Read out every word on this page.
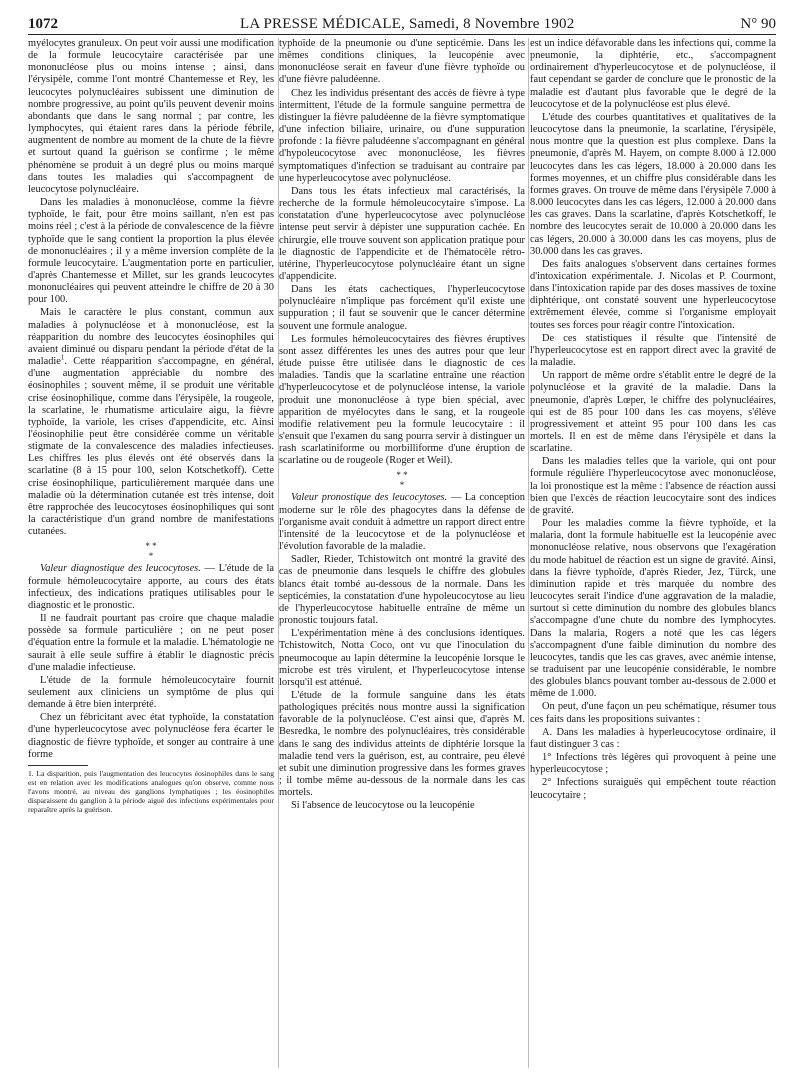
1072	LA PRESSE MÉDICALE, Samedi, 8 Novembre 1902	N° 90

myélocytes granuleux. On peut voir aussi une modification de la formule leucocytaire caractérisée par une mononucléose plus ou moins intense ; ainsi, dans l'érysipèle, comme l'ont montré Chantemesse et Rey, les leucocytes polynucléaires subissent une diminution de nombre progressive, au point qu'ils peuvent devenir moins abondants que dans le sang normal ; par contre, les lymphocytes, qui étaient rares dans la période fébrile, augmentent de nombre au moment de la chute de la fièvre et surtout quand la guérison se confirme ; le même phénomène se produit à un degré plus ou moins marqué dans toutes les maladies qui s'accompagnent de leucocytose polynucléaire.

Dans les maladies à mononucléose, comme la fièvre typhoïde, le fait, pour être moins saillant, n'en est pas moins réel ; c'est à la période de convalescence de la fièvre typhoïde que le sang contient la proportion la plus élevée de mononucléaires ; il y a même inversion complète de la formule leucocytaire. L'augmentation porte en particulier, d'après Chantemesse et Millet, sur les grands leucocytes mononucléaires qui peuvent atteindre le chiffre de 20 à 30 pour 100.

Mais le caractère le plus constant, commun aux maladies à polynucléose et à mononucléose, est la réapparition du nombre des leucocytes éosinophiles qui avaient diminué ou disparu pendant la période d'état de la maladie$^1$. Cette réapparition s'accompagne, en général, d'une augmentation appréciable du nombre des éosinophiles ; souvent même, il se produit une véritable crise éosinophilique, comme dans l'érysipèle, la rougeole, la scarlatine, le rhumatisme articulaire aigu, la fièvre typhoïde, la variole, les crises d'appendicite, etc. Ainsi l'éosinophilie peut être considérée comme un véritable stigmate de la convalescence des maladies infectieuses. Les chiffres les plus élevés ont été observés dans la scarlatine (8 à 15 pour 100, selon Kotschetkoff). Cette crise éosinophilique, particulièrement marquée dans une maladie où la détermination cutanée est très intense, doit être rapprochée des leucocytoses éosinophiliques qui sont la caractéristique d'un grand nombre de manifestations cutanées.

* *
*

Valeur diagnostique des leucocytoses. — L'étude de la formule hémoleucocytaire apporte, au cours des états infectieux, des indications pratiques utilisables pour le diagnostic et le pronostic.

Il ne faudrait pourtant pas croire que chaque maladie possède sa formule particulière ; on ne peut poser d'équation entre la formule et la maladie. L'hématologie ne saurait à elle seule suffire à établir le diagnostic précis d'une maladie infectieuse.

L'étude de la formule hémoleucocytaire fournit seulement aux cliniciens un symptôme de plus qui demande à être bien interprété.

Chez un fébricitant avec état typhoïde, la constatation d'une hyperleucocytose avec polynucléose fera écarter le diagnostic de fièvre typhoïde, et songer au contraire à une forme

1. La disparition, puis l'augmentation des leucocytes éosinophiles dans le sang est en relation avec les modifications analogues qu'on observe, comme nous l'avons montré, au niveau des ganglions lymphatiques ; les éosinophiles disparaissent du ganglion à la période aiguë des infections expérimentales pour reparaître après la guérison.

typhoïde de la pneumonie ou d'une septicémie. Dans les mêmes conditions cliniques, la leucopénie avec mononucléose serait en faveur d'une fièvre typhoïde ou d'une fièvre paludéenne.

Chez les individus présentant des accès de fièvre à type intermittent, l'étude de la formule sanguine permettra de distinguer la fièvre paludéenne de la fièvre symptomatique d'une infection biliaire, urinaire, ou d'une suppuration profonde : la fièvre paludéenne s'accompagnant en général d'hypoleucocytose avec mononucléose, les fièvres symptomatiques d'infection se traduisant au contraire par une hyperleucocytose avec polynucléose.

Dans tous les états infectieux mal caractérisés, la recherche de la formule hémoleucocytaire s'impose. La constatation d'une hyperleucocytose avec polynucléose intense peut servir à dépister une suppuration cachée. En chirurgie, elle trouve souvent son application pratique pour le diagnostic de l'appendicite et de l'hématocèle rétro-utérine, l'hyperleucocytose polynucléaire étant un signe d'appendicite.

Dans les états cachectiques, l'hyperleucocytose polynucléaire n'implique pas forcément qu'il existe une suppuration ; il faut se souvenir que le cancer détermine souvent une formule analogue.

Les formules hémoleucocytaires des fièvres éruptives sont assez différentes les unes des autres pour que leur étude puisse être utilisée dans le diagnostic de ces maladies. Tandis que la scarlatine entraîne une réaction d'hyperleucocytose et de polynucléose intense, la variole produit une mononucléose à type bien spécial, avec apparition de myélocytes dans le sang, et la rougeole modifie relativement peu la formule leucocytaire : il s'ensuit que l'examen du sang pourra servir à distinguer un rash scarlatiniforme ou morbilliforme d'une éruption de scarlatine ou de rougeole (Roger et Weil).

* *
*

Valeur pronostique des leucocytoses. — La conception moderne sur le rôle des phagocytes dans la défense de l'organisme avait conduit à admettre un rapport direct entre l'intensité de la leucocytose et de la polynucléose et l'évolution favorable de la maladie.

Sadler, Rieder, Tchistowitch ont montré la gravité des cas de pneumonie dans lesquels le chiffre des globules blancs était tombé au-dessous de la normale. Dans les septicémies, la constatation d'une hypoleucocytose au lieu de l'hyperleucocytose habituelle entraîne de même un pronostic toujours fatal.

L'expérimentation mène à des conclusions identiques. Tchistowitch, Notta Coco, ont vu que l'inoculation du pneumocoque au lapin détermine la leucopénie lorsque le microbe est très virulent, et l'hyperleucocytose intense lorsqu'il est atténué.

L'étude de la formule sanguine dans les états pathologiques précités nous montre aussi la signification favorable de la polynucléose. C'est ainsi que, d'après M. Besredka, le nombre des polynucléaires, très considérable dans le sang des individus atteints de diphtérie lorsque la maladie tend vers la guérison, est, au contraire, peu élevé et subit une diminution progressive dans les formes graves ; il tombe même au-dessous de la normale dans les cas mortels.

Si l'absence de leucocytose ou la leucopénie

est un indice défavorable dans les infections qui, comme la pneumonie, la diphtérie, etc., s'accompagnent ordinairement d'hyperleucocytose et de polynucléose, il faut cependant se garder de conclure que le pronostic de la maladie est d'autant plus favorable que le degré de la leucocytose et de la polynucléose est plus élevé.

L'étude des courbes quantitatives et qualitatives de la leucocytose dans la pneumonie, la scarlatine, l'érysipèle, nous montre que la question est plus complexe. Dans la pneumonie, d'après M. Hayem, on compte 8.000 à 12.000 leucocytes dans les cas légers, 18.000 à 20.000 dans les formes moyennes, et un chiffre plus considérable dans les formes graves. On trouve de même dans l'érysipèle 7.000 à 8.000 leucocytes dans les cas légers, 12.000 à 20.000 dans les cas graves. Dans la scarlatine, d'après Kotschetkoff, le nombre des leucocytes serait de 10.000 à 20.000 dans les cas légers, 20.000 à 30.000 dans les cas moyens, plus de 30.000 dans les cas graves.

Des faits analogues s'observent dans certaines formes d'intoxication expérimentale. J. Nicolas et P. Courmont, dans l'intoxication rapide par des doses massives de toxine diphtérique, ont constaté souvent une hyperleucocytose extrêmement élevée, comme si l'organisme employait toutes ses forces pour réagir contre l'intoxication.

De ces statistiques il résulte que l'intensité de l'hyperleucocytose est en rapport direct avec la gravité de la maladie.

Un rapport de même ordre s'établit entre le degré de la polynucléose et la gravité de la maladie. Dans la pneumonie, d'après Lœper, le chiffre des polynucléaires, qui est de 85 pour 100 dans les cas moyens, s'élève progressivement et atteint 95 pour 100 dans les cas mortels. Il en est de même dans l'érysipèle et dans la scarlatine.

Dans les maladies telles que la variole, qui ont pour formule régulière l'hyperleucocytose avec mononucléose, la loi pronostique est la même : l'absence de réaction aussi bien que l'excès de réaction leucocytaire sont des indices de gravité.

Pour les maladies comme la fièvre typhoïde, et la malaria, dont la formule habituelle est la leucopénie avec mononucléose relative, nous observons que l'exagération du mode habituel de réaction est un signe de gravité. Ainsi, dans la fièvre typhoïde, d'après Rieder, Jez, Türck, une diminution rapide et très marquée du nombre des leucocytes serait l'indice d'une aggravation de la maladie, surtout si cette diminution du nombre des globules blancs s'accompagne d'une chute du nombre des lymphocytes. Dans la malaria, Rogers a noté que les cas légers s'accompagnent d'une faible diminution du nombre des leucocytes, tandis que les cas graves, avec anémie intense, se traduisent par une leucopénie considérable, le nombre des globules blancs pouvant tomber au-dessous de 2.000 et même de 1.000.

On peut, d'une façon un peu schématique, résumer tous ces faits dans les propositions suivantes :

A. Dans les maladies à hyperleucocytose ordinaire, il faut distinguer 3 cas :

1° Infections très légères qui provoquent à peine une hyperleucocytose ;

2° Infections suraiguës qui empêchent toute réaction leucocytaire ;
